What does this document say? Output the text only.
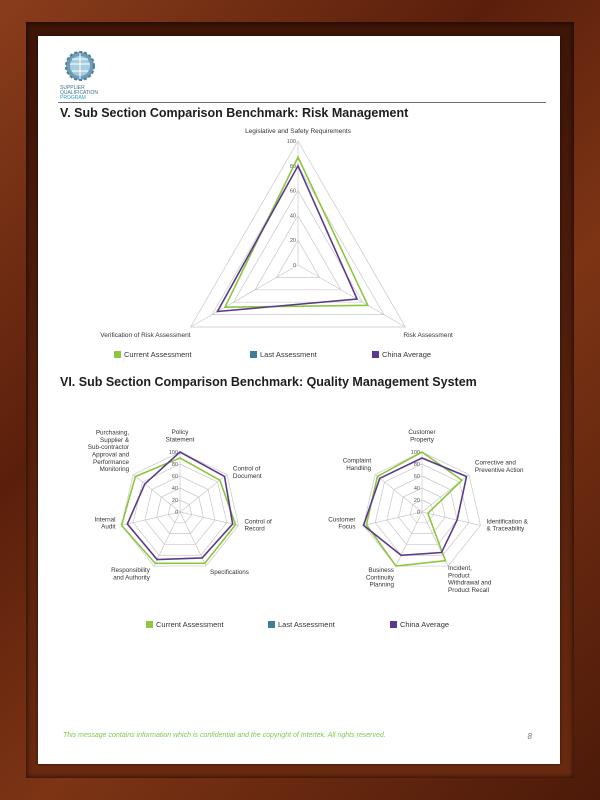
SUPPLIER
QUALIFICATION
PROGRAM
V. Sub Section Comparison Benchmark: Risk Management
VI. Sub Section Comparison Benchmark: Quality Management System
0
20
40
60
80
100
Legislative and Safety Requirements
Risk Assessment
Verification of Risk Assessment
0
20
40
60
80
100
Policy Statement
Control of Document
Control of Record
Specifications
Responsibility and Authority
Internal Audit
Purchasing, Supplier & Sub-contractor Approval and Performance Monitoring
0
20
40
60
80
100
Customer Property
Corrective and Preventive Action
Identification & & Traceability
Incident, Product Withdrawal and Product Recall
Business Continuity Planning
Customer Focus
Complaint Handling
Current Assessment	Last Assessment	China Average
Current Assessment	Last Assessment	China Average
This message contains information which is confidential and the copyright of Intertek. All rights reserved.	8
